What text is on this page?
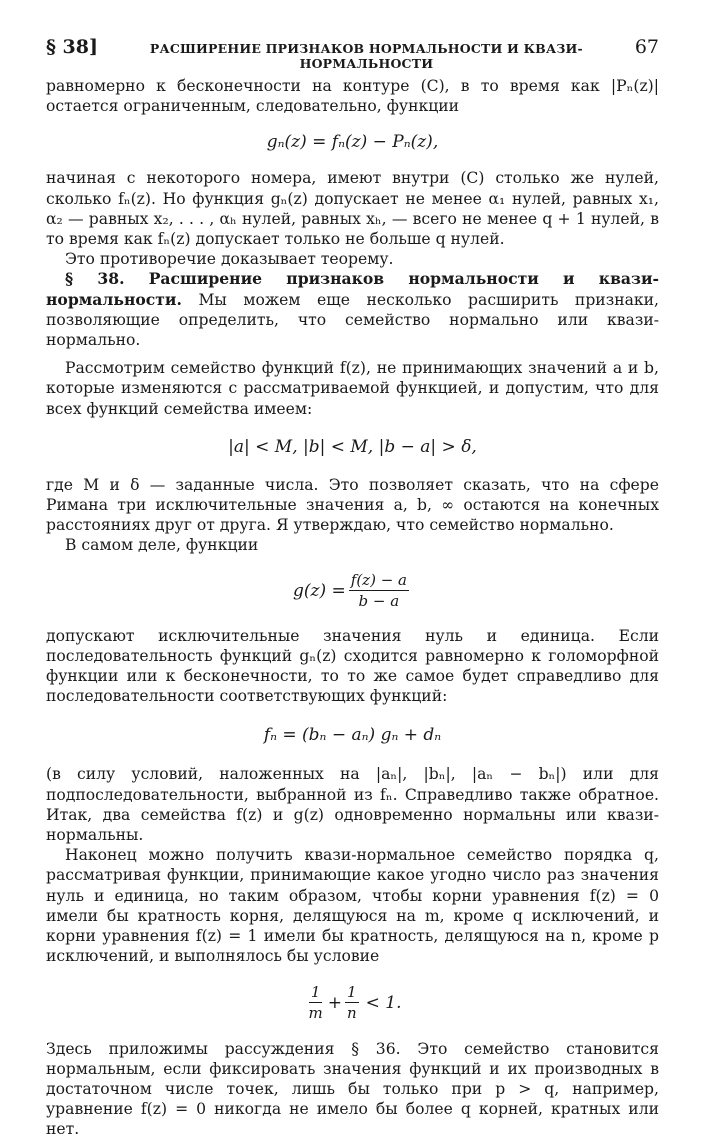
§ 38]	РАСШИРЕНИЕ ПРИЗНАКОВ НОРМАЛЬНОСТИ И КВАЗИ-НОРМАЛЬНОСТИ
67

равномерно к бесконечности на контуре (C), в то время как |Pₙ(z)| остается ограниченным, следовательно, функции

gₙ(z) = fₙ(z) − Pₙ(z),

начиная с некоторого номера, имеют внутри (C) столько же нулей, сколько fₙ(z). Но функция gₙ(z) допускает не менее α₁ нулей, равных x₁, α₂ — равных x₂, . . . , αₕ нулей, равных xₕ, — всего не менее q + 1 нулей, в то время как fₙ(z) допускает только не больше q нулей.

Это противоречие доказывает теорему.

§ 38. Расширение признаков нормальности и квази-нормальности. Мы можем еще несколько расширить признаки, позволяющие определить, что семейство нормально или квази-нормально.

Рассмотрим семейство функций f(z), не принимающих значений a и b, которые изменяются с рассматриваемой функцией, и допустим, что для всех функций семейства имеем:

|a| < M, |b| < M, |b − a| > δ,

где M и δ — заданные числа. Это позволяет сказать, что на сфере Римана три исключительные значения a, b, ∞ остаются на конечных расстояниях друг от друга. Я утверждаю, что семейство нормально.

В самом деле, функции

$g(z) = \frac{f(z) - a}{b - a}$

допускают исключительные значения нуль и единица. Если последовательность функций gₙ(z) сходится равномерно к голоморфной функции или к бесконечности, то то же самое будет справедливо для последовательности соответствующих функций:

fₙ = (bₙ − aₙ) gₙ + dₙ

(в силу условий, наложенных на |aₙ|, |bₙ|, |aₙ − bₙ|) или для подпоследовательности, выбранной из fₙ. Справедливо также обратное. Итак, два семейства f(z) и g(z) одновременно нормальны или квази-нормальны.

Наконец можно получить квази-нормальное семейство порядка q, рассматривая функции, принимающие какое угодно число раз значения нуль и единица, но таким образом, чтобы корни уравнения f(z) = 0 имели бы кратность корня, делящуюся на m, кроме q исключений, и корни уравнения f(z) = 1 имели бы кратность, делящуюся на n, кроме p исключений, и выполнялось бы условие

$\frac{1}{m} + \frac{1}{n} < 1$.

Здесь приложимы рассуждения § 36. Это семейство становится нормальным, если фиксировать значения функций и их производных в достаточном числе точек, лишь бы только при p > q, например, уравнение f(z) = 0 никогда не имело бы более q корней, кратных или нет.
